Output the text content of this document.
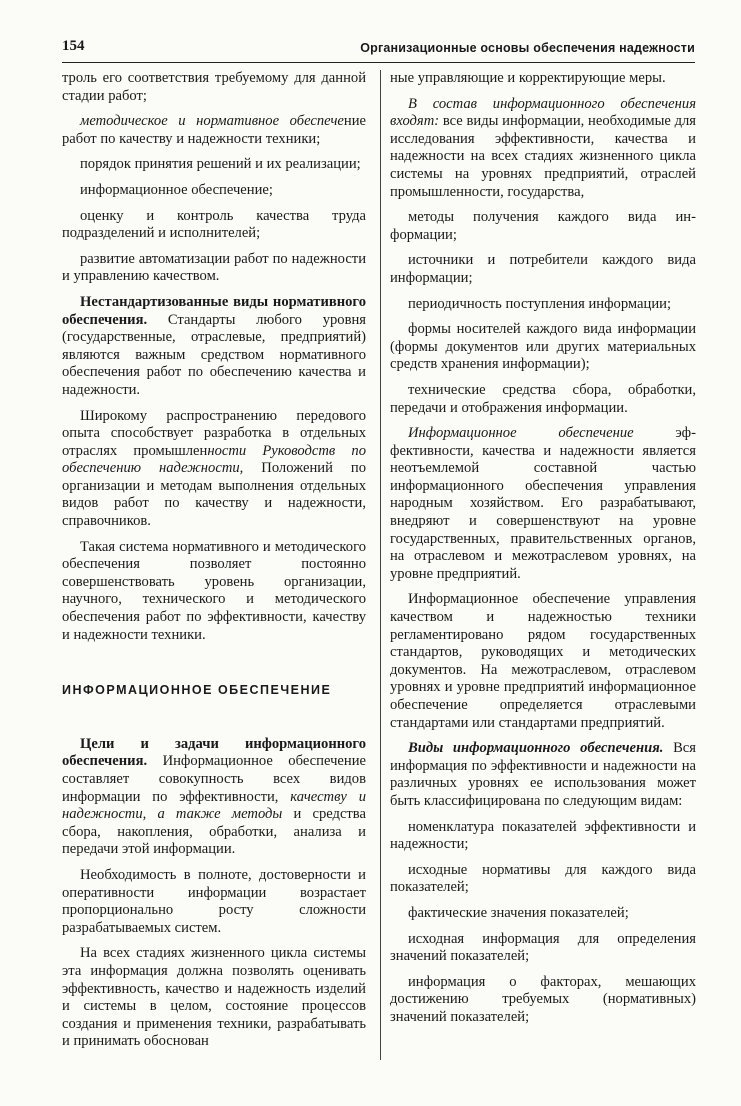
154	Организационные основы обеспечения надежности

троль его соответствия требуемому для данной стадии работ;

методическое и нормативное обеспечение работ по качеству и надежности техники;

порядок принятия решений и их реализации;

информационное обеспечение;

оценку и контроль качества труда подразделений и исполнителей;

развитие автоматизации работ по надежности и управлению качеством.

Нестандартизованные виды нормативного обеспечения. Стандарты любого уровня (государственные, отраслевые, предприятий) являются важным средством нормативного обеспечения работ по обеспечению качества и надежности.

Широкому распространению передового опыта способствует разработка в отдельных отраслях промышленности Руководств по обеспечению надежности, Положений по организации и методам выполнения отдельных видов работ по качеству и надежности, справочников.

Такая система нормативного и методического обеспечения позволяет постоянно совершенствовать уровень организации, научного, технического и методического обеспечения работ по эффективности, качеству и надежности техники.

ИНФОРМАЦИОННОЕ ОБЕСПЕЧЕНИЕ

Цели и задачи информационного обеспечения. Информационное обеспечение составляет совокупность всех видов информации по эффективности, качеству и надежности, а также методы и средства сбора, накопления, обработки, анализа и передачи этой информации.

Необходимость в полноте, достоверности и оперативности информации возрастает пропорционально росту сложности разрабатываемых систем.

На всех стадиях жизненного цикла системы эта информация должна позволять оценивать эффективность, качество и надежность изделий и системы в целом, состояние процессов создания и применения техники, разрабатывать и принимать обоснован

ные управляющие и корректирующие меры.

В состав информационного обеспечения входят: все виды информации, необходимые для исследования эффективности, качества и надежности на всех стадиях жизненного цикла системы на уровнях предприятий, отраслей промышленности, государства,

методы получения каждого вида информации;

источники и потребители каждого вида информации;

периодичность поступления информации;

формы носителей каждого вида информации (формы документов или других материальных средств хранения информации);

технические средства сбора, обработки, передачи и отображения информации.

Информационное обеспечение эффективности, качества и надежности является неотъемлемой составной частью информационного обеспечения управления народным хозяйством. Его разрабатывают, внедряют и совершенствуют на уровне государственных, правительственных органов, на отраслевом и межотраслевом уровнях, на уровне предприятий.

Информационное обеспечение управления качеством и надежностью техники регламентировано рядом государственных стандартов, руководящих и методических документов. На межотраслевом, отраслевом уровнях и уровне предприятий информационное обеспечение определяется отраслевыми стандартами или стандартами предприятий.

Виды информационного обеспечения. Вся информация по эффективности и надежности на различных уровнях ее использования может быть классифицирована по следующим видам:

номенклатура показателей эффективности и надежности;

исходные нормативы для каждого вида показателей;

фактические значения показателей;

исходная информация для определения значений показателей;

информация о факторах, мешающих достижению требуемых (нормативных) значений показателей;
